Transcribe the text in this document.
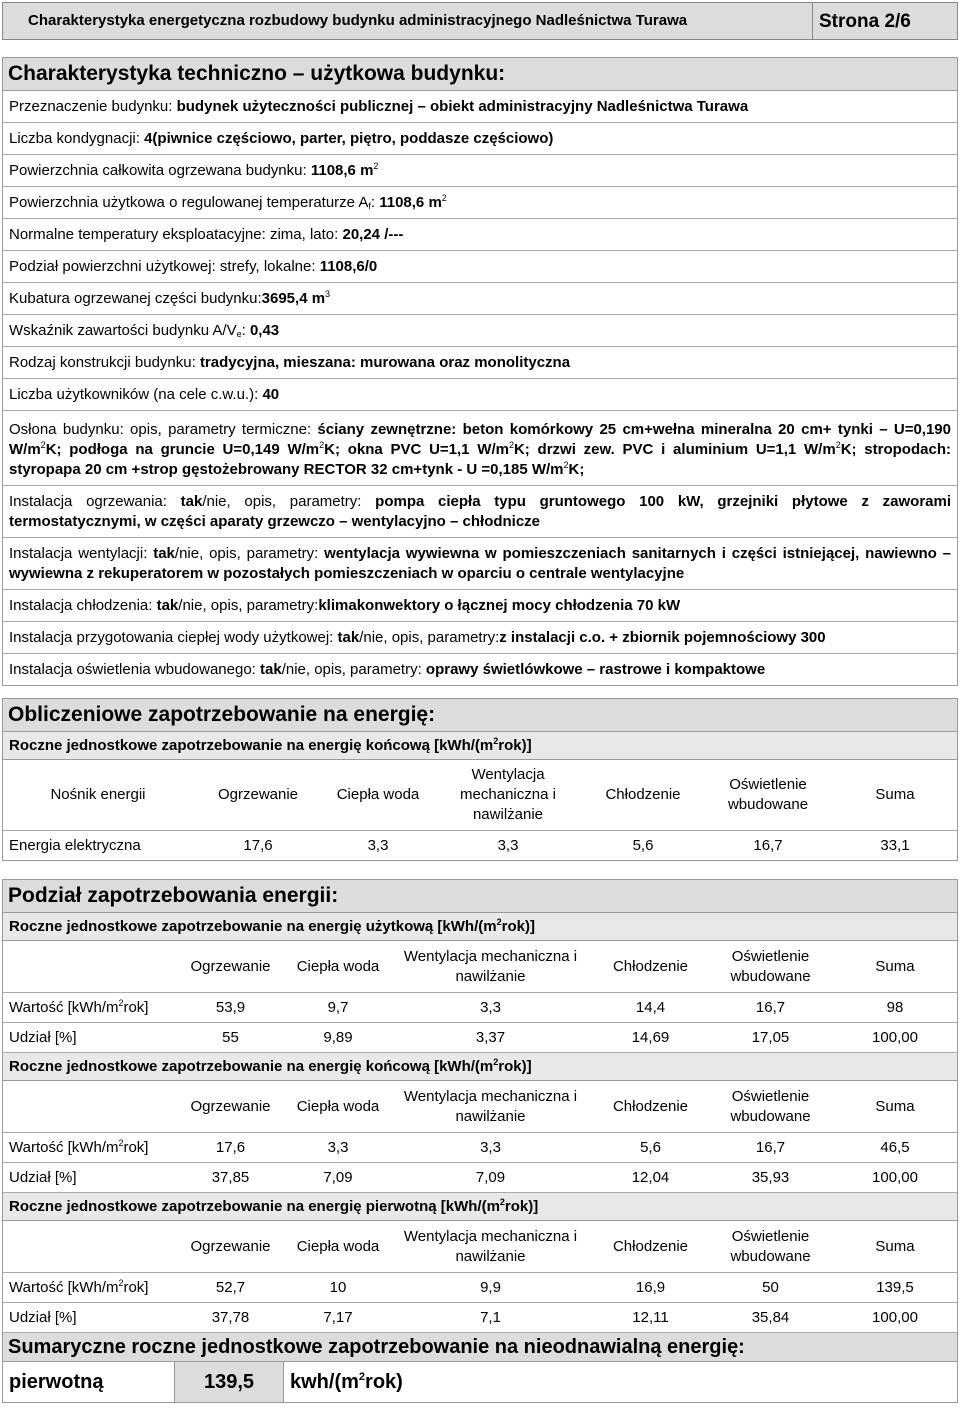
Charakterystyka energetyczna rozbudowy budynku administracyjnego Nadleśnictwa Turawa	Strona 2/6
Charakterystyka techniczno – użytkowa budynku:
Przeznaczenie budynku: budynek użyteczności publicznej – obiekt administracyjny Nadleśnictwa Turawa
Liczba kondygnacji: 4(piwnice częściowo, parter, piętro, poddasze częściowo)
Powierzchnia całkowita ogrzewana budynku: 1108,6 $m^2$
Powierzchnia użytkowa o regulowanej temperaturze $A_f$: 1108,6 $m^2$
Normalne temperatury eksploatacyjne: zima, lato: 20,24 /---
Podział powierzchni użytkowej: strefy, lokalne: 1108,6/0
Kubatura ogrzewanej części budynku:3695,4 $m^3$
Wskaźnik zawartości budynku $A/V_e$: 0,43
Rodzaj konstrukcji budynku: tradycyjna, mieszana: murowana oraz monolityczna
Liczba użytkowników (na cele c.w.u.): 40
Osłona budynku: opis, parametry termiczne: ściany zewnętrzne: beton komórkowy 25 cm+wełna mineralna 20 cm+ tynki – U=0,190 $W/m^2K$; podłoga na gruncie U=0,149 $W/m^2K$; okna PVC U=1,1 $W/m^2K$; drzwi zew. PVC i aluminium U=1,1 $W/m^2K$; stropodach: styropapa 20 cm +strop gęstożebrowany RECTOR 32 cm+tynk - U =0,185 $W/m^2K$;
Instalacja ogrzewania: tak/nie, opis, parametry: pompa ciepła typu gruntowego 100 kW, grzejniki płytowe z zaworami termostatycznymi, w części aparaty grzewczo – wentylacyjno – chłodnicze
Instalacja wentylacji: tak/nie, opis, parametry: wentylacja wywiewna w pomieszczeniach sanitarnych i części istniejącej, nawiewno – wywiewna z rekuperatorem w pozostałych pomieszczeniach w oparciu o centrale wentylacyjne
Instalacja chłodzenia: tak/nie, opis, parametry:klimakonwektory o łącznej mocy chłodzenia 70 kW
Instalacja przygotowania ciepłej wody użytkowej: tak/nie, opis, parametry:z instalacji c.o. + zbiornik pojemnościowy 300
Instalacja oświetlenia wbudowanego: tak/nie, opis, parametry: oprawy świetlówkowe – rastrowe i kompaktowe
Obliczeniowe zapotrzebowanie na energię:
Roczne jednostkowe zapotrzebowanie na energię końcową $[kWh/(m^2rok)]$
Nośnik energii	Ogrzewanie	Ciepła woda	Wentylacja mechaniczna i nawilżanie	Chłodzenie	Oświetlenie wbudowane	Suma
Energia elektryczna	17,6	3,3	3,3	5,6	16,7	33,1
Podział zapotrzebowania energii:
Roczne jednostkowe zapotrzebowanie na energię użytkową $[kWh/(m^2rok)]$						
	Ogrzewanie	Ciepła woda	Wentylacja mechaniczna i nawilżanie	Chłodzenie	Oświetlenie wbudowane	Suma
Wartość $[kWh/m^2rok]$	53,9	9,7	3,3	14,4	16,7	98
Udział [%]	55	9,89	3,37	14,69	17,05	100,00
Roczne jednostkowe zapotrzebowanie na energię końcową $[kWh/(m^2rok)]$						
	Ogrzewanie	Ciepła woda	Wentylacja mechaniczna i nawilżanie	Chłodzenie	Oświetlenie wbudowane	Suma
Wartość $[kWh/m^2rok]$	17,6	3,3	3,3	5,6	16,7	46,5
Udział [%]	37,85	7,09	7,09	12,04	35,93	100,00
Roczne jednostkowe zapotrzebowanie na energię pierwotną $[kWh/(m^2rok)]$						
	Ogrzewanie	Ciepła woda	Wentylacja mechaniczna i nawilżanie	Chłodzenie	Oświetlenie wbudowane	Suma
Wartość $[kWh/m^2rok]$	52,7	10	9,9	16,9	50	139,5
Udział [%]	37,78	7,17	7,1	12,11	35,84	100,00
Sumaryczne roczne jednostkowe zapotrzebowanie na nieodnawialną energię:
pierwotną	139,5	kwh/$(m^2rok)$
